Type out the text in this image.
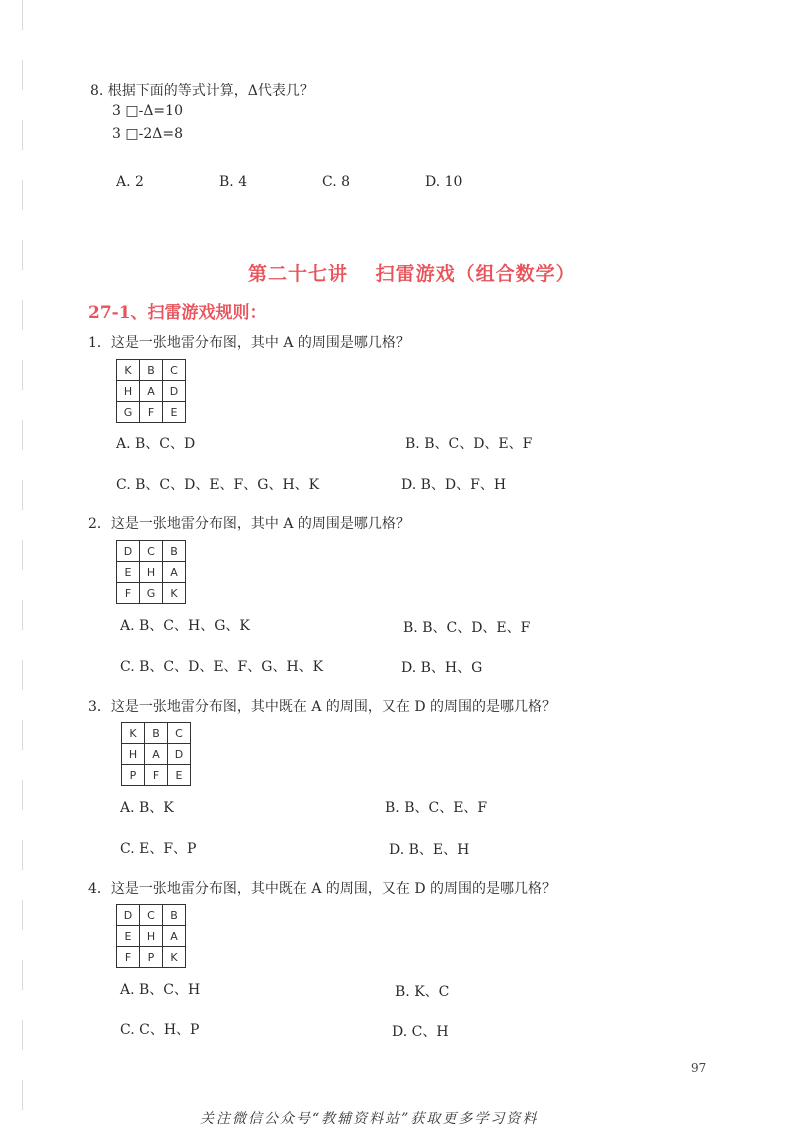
8. 根据下面的等式计算，Δ代表几？
3 □-Δ=10
3 □-2Δ=8
A. 2	B. 4	C. 8	D. 10
第二十七讲　 扫雷游戏（组合数学）
27-1、扫雷游戏规则：
1．这是一张地雷分布图，其中 A 的周围是哪几格？
K	B	C
H	A	D
G	F	E
A. B、C、D	B. B、C、D、E、F
C. B、C、D、E、F、G、H、K	D. B、D、F、H
2．这是一张地雷分布图，其中 A 的周围是哪几格？
D	C	B
E	H	A
F	G	K
A. B、C、H、G、K	B. B、C、D、E、F
C. B、C、D、E、F、G、H、K	D. B、H、G
3．这是一张地雷分布图，其中既在 A 的周围，又在 D 的周围的是哪几格？
K	B	C
H	A	D
P	F	E
A. B、K	B. B、C、E、F
C. E、F、P	D. B、E、H
4．这是一张地雷分布图，其中既在 A 的周围，又在 D 的周围的是哪几格？
D	C	B
E	H	A
F	P	K
A. B、C、H	B. K、C
C. C、H、P	D. C、H
97
关注微信公众号“教辅资料站”获取更多学习资料
